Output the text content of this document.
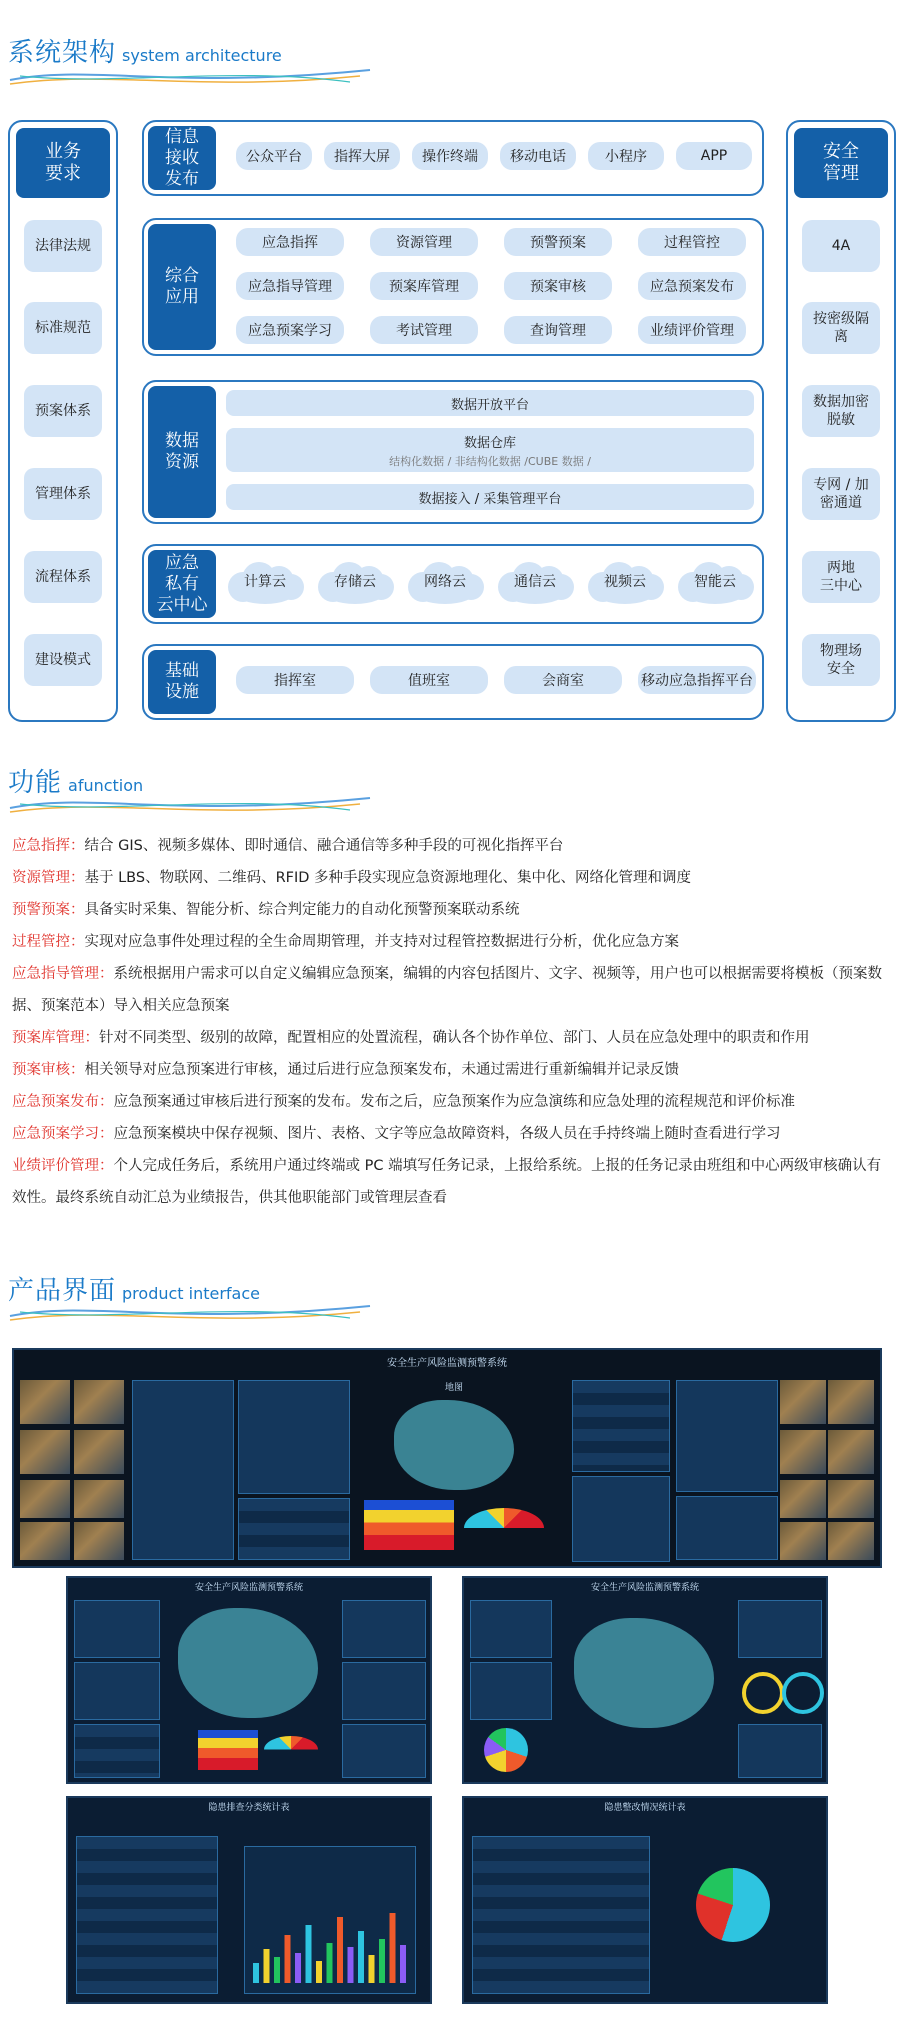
系统架构 system architecture
业务
要求
法律法规
标准规范
预案体系
管理体系
流程体系
建设模式
安全
管理
4A
按密级隔
离
数据加密
脱敏
专网 / 加
密通道
两地
三中心
物理场
安全
信息
接收
发布
公众平台 指挥大屏 操作终端 移动电话	小程序	APP
综合
应用
应急指挥	资源管理	预警预案	过程管控
应急指导管理	预案库管理	预案审核	应急预案发布
应急预案学习	考试管理	查询管理	业绩评价管理
数据
资源
数据开放平台
数据仓库
结构化数据 / 非结构化数据 /CUBE 数据 /
数据接入 / 采集管理平台
应急
私有
云中心
基础
设施
指挥室	值班室	会商室	移动应急指挥平台
功能 afunction
应急指挥：结合 GIS、视频多媒体、即时通信、融合通信等多种手段的可视化指挥平台
资源管理：基于 LBS、物联网、二维码、RFID 多种手段实现应急资源地理化、集中化、网络化管理和调度
预警预案：具备实时采集、智能分析、综合判定能力的自动化预警预案联动系统
过程管控：实现对应急事件处理过程的全生命周期管理，并支持对过程管控数据进行分析，优化应急方案
应急指导管理：系统根据用户需求可以自定义编辑应急预案，编辑的内容包括图片、文字、视频等，用户也可以根据需要将模板（预案数据、预案范本）导入相关应急预案
预案库管理：针对不同类型、级别的故障，配置相应的处置流程，确认各个协作单位、部门、人员在应急处理中的职责和作用
预案审核：相关领导对应急预案进行审核，通过后进行应急预案发布，未通过需进行重新编辑并记录反馈
应急预案发布：应急预案通过审核后进行预案的发布。发布之后，应急预案作为应急演练和应急处理的流程规范和评价标准
应急预案学习：应急预案模块中保存视频、图片、表格、文字等应急故障资料，各级人员在手持终端上随时查看进行学习
业绩评价管理：个人完成任务后，系统用户通过终端或 PC 端填写任务记录，上报给系统。上报的任务记录由班组和中心两级审核确认有效性。最终系统自动汇总为业绩报告，供其他职能部门或管理层查看
产品界面 product interface
安全生产风险监测预警系统
地图
安全生产风险监测预警系统	安全生产风险监测预警系统
隐患排查分类统计表	隐患整改情况统计表
计算云	存储云	网络云	通信云	视频云	智能云
